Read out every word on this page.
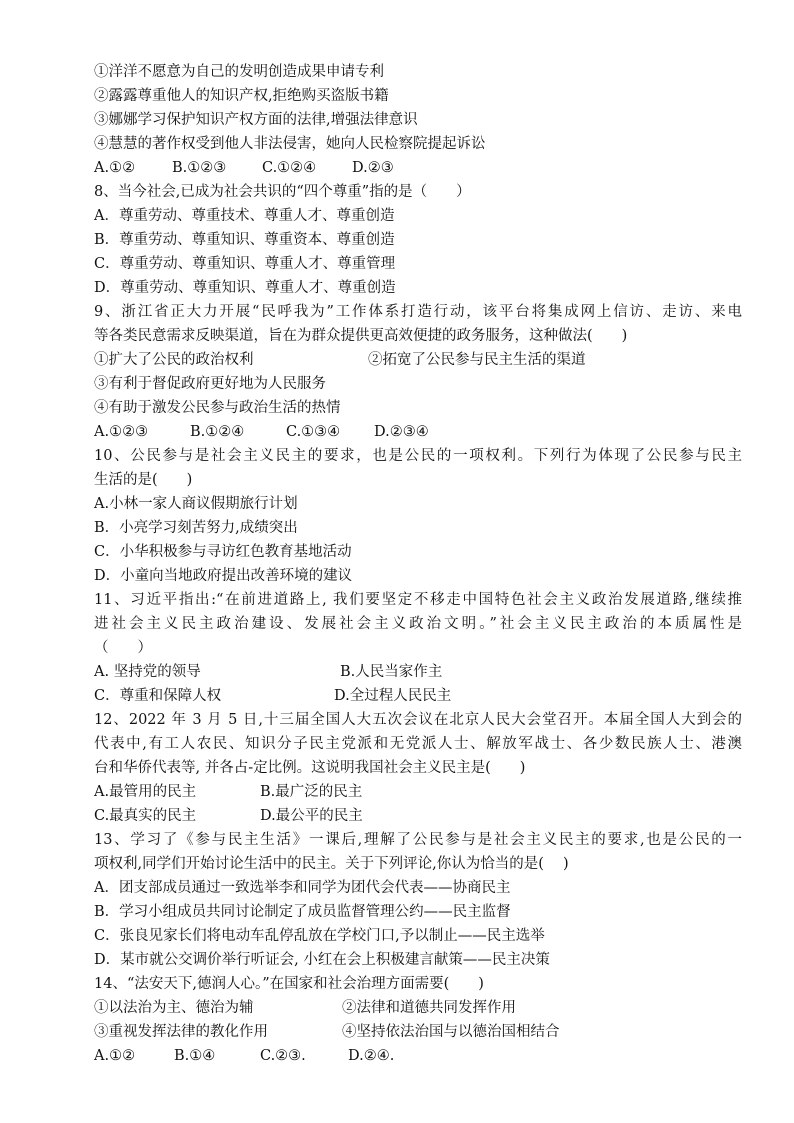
①洋洋不愿意为自己的发明创造成果申请专利
②露露尊重他人的知识产权,拒绝购买盗版书籍
③娜娜学习保护知识产权方面的法律,增强法律意识
④慧慧的著作权受到他人非法侵害，她向人民检察院提起诉讼
A.①②	B.①②③ C.①②④ D.②③
8、当今社会,已成为社会共识的“四个尊重”指的是（　　）
A．尊重劳动、尊重技术、尊重人才、尊重创造
B．尊重劳动、尊重知识、尊重资本、尊重创造
C．尊重劳动、尊重知识、尊重人才、尊重管理
D．尊重劳动、尊重知识、尊重人才、尊重创造
9、浙江省正大力开展“民呼我为”工作体系打造行动，该平台将集成网上信访、走访、来电
等各类民意需求反映渠道，旨在为群众提供更高效便捷的政务服务，这种做法(　　)
①扩大了公民的政治权利	②拓宽了公民参与民主生活的渠道
③有利于督促政府更好地为人民服务
④有助于激发公民参与政治生活的热情
A.①②③	B.①②④	C.①③④ D.②③④
10、公民参与是社会主义民主的要求，也是公民的一项权利。下列行为体现了公民参与民主
生活的是(　　)
A.小林一家人商议假期旅行计划
B．小亮学习刻苦努力,成绩突出
C．小华积极参与寻访红色教育基地活动
D．小童向当地政府提出改善环境的建议
11、习近平指出:“在前进道路上, 我们要坚定不移走中国特色社会主义政治发展道路,继续推
进社会主义民主政治建设、发展社会主义政治文明。”社会主义民主政治的本质属性是
（　　）
A. 坚持党的领导	B.人民当家作主
C．尊重和保障人权	D.全过程人民民主
12、2022 年 3 月 5 日,十三届全国人大五次会议在北京人民大会堂召开。本届全国人大到会的
代表中,有工人农民、知识分子民主党派和无党派人士、解放军战士、各少数民族人士、港澳
台和华侨代表等, 并各占-定比例。这说明我国社会主义民主是(　　)
A.最管用的民主	B.最广泛的民主
C.最真实的民主	D.最公平的民主
13、学习了《参与民主生活》一课后,理解了公民参与是社会主义民主的要求,也是公民的一
项权利,同学们开始讨论生活中的民主。关于下列评论,你认为恰当的是(　 )
A．团支部成员通过一致选举李和同学为团代会代表——协商民主
B．学习小组成员共同讨论制定了成员监督管理公约——民主监督
C．张良见家长们将电动车乱停乱放在学校门口,予以制止——民主选举
D．某市就公交调价举行听证会, 小红在会上积极建言献策——民主决策
14、“法安天下,德润人心。”在国家和社会治理方面需要(　　)
①以法治为主、德治为辅	②法律和道德共同发挥作用
③重视发挥法律的教化作用	④坚持依法治国与以德治国相结合
A.①②	B.①④	C.②③.	D.②④.
